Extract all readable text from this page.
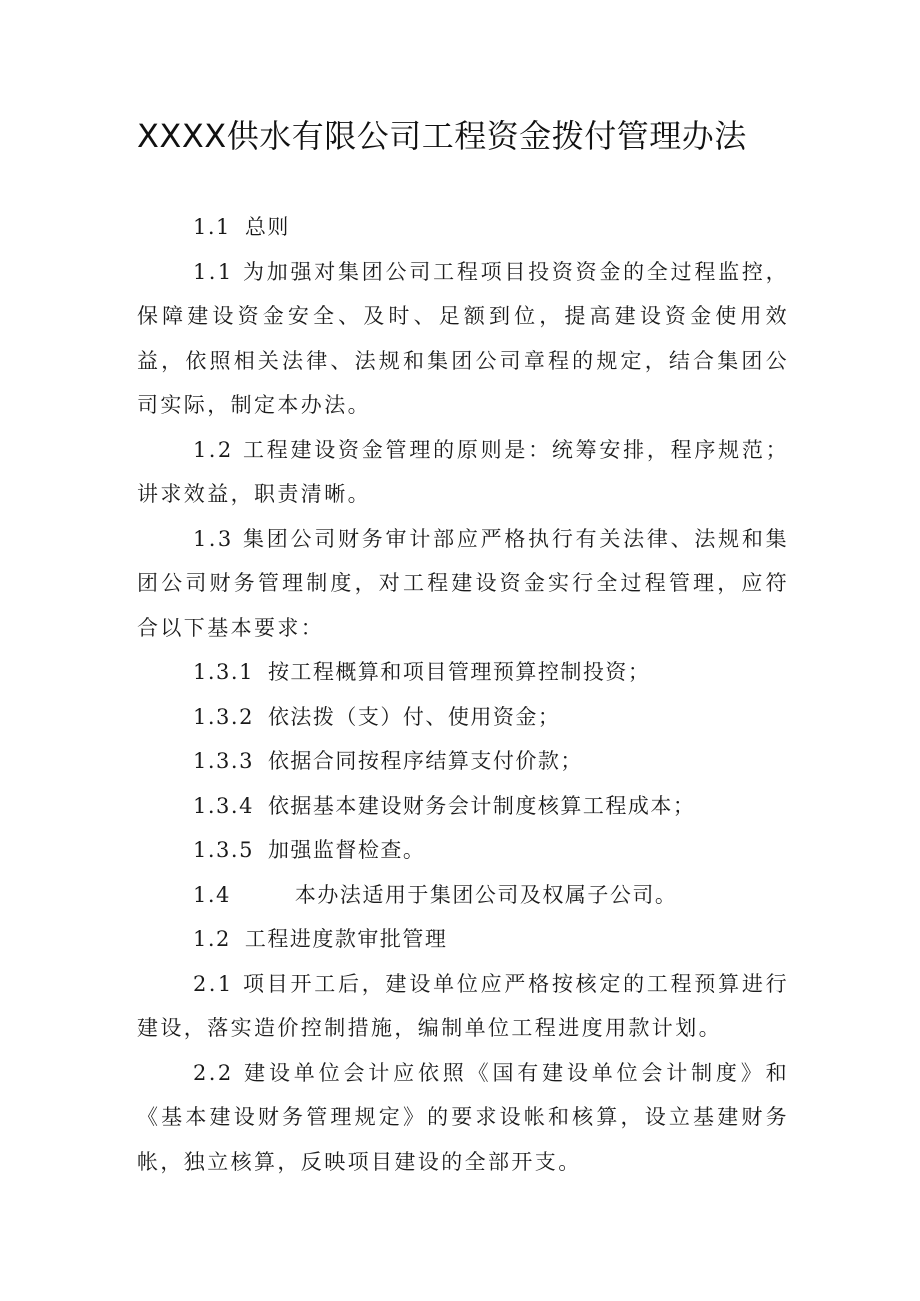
XXXX供水有限公司工程资金拨付管理办法

1.1 总则

1.1 为加强对集团公司工程项目投资资金的全过程监控，保障建设资金安全、及时、足额到位，提高建设资金使用效益，依照相关法律、法规和集团公司章程的规定，结合集团公司实际，制定本办法。

1.2 工程建设资金管理的原则是：统筹安排，程序规范；讲求效益，职责清晰。

1.3 集团公司财务审计部应严格执行有关法律、法规和集团公司财务管理制度，对工程建设资金实行全过程管理，应符合以下基本要求：

1.3.1 按工程概算和项目管理预算控制投资；

1.3.2 依法拨（支）付、使用资金；

1.3.3 依据合同按程序结算支付价款；

1.3.4 依据基本建设财务会计制度核算工程成本；

1.3.5 加强监督检查。

1.4	本办法适用于集团公司及权属子公司。

1.2 工程进度款审批管理

2.1 项目开工后，建设单位应严格按核定的工程预算进行建设，落实造价控制措施，编制单位工程进度用款计划。

2.2 建设单位会计应依照《国有建设单位会计制度》和《基本建设财务管理规定》的要求设帐和核算，设立基建财务帐，独立核算，反映项目建设的全部开支。
